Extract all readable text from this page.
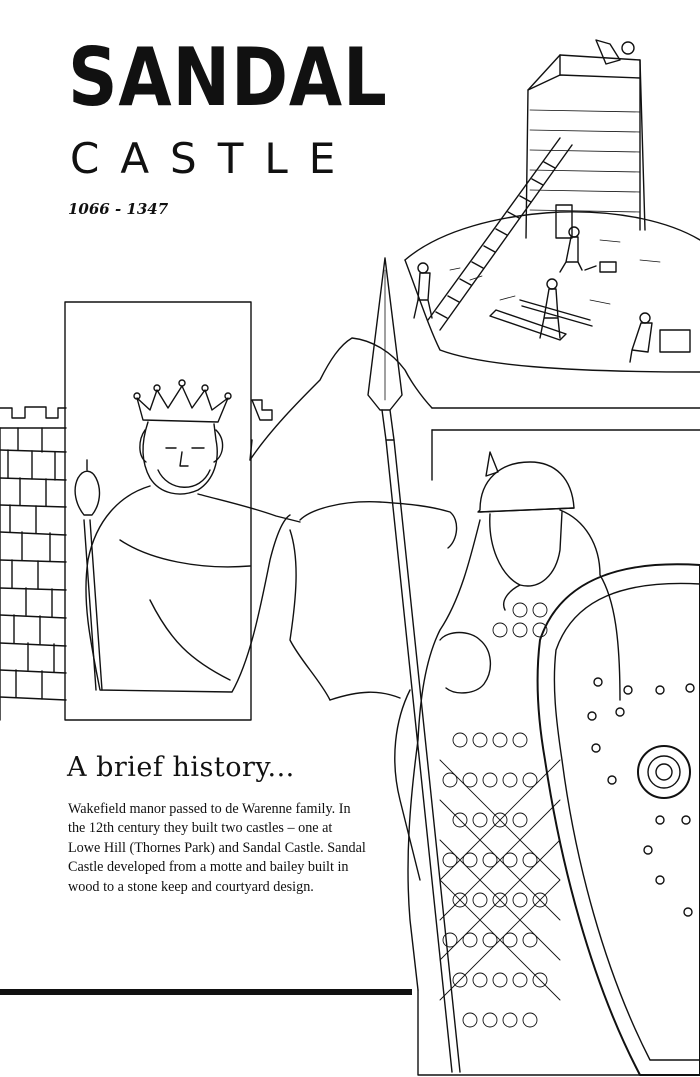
SANDAL
CASTLE
1066 - 1347
A brief history...
Wakefield manor passed to de Warenne family. In the 12th century they built two castles – one at Lowe Hill (Thornes Park) and Sandal Castle. Sandal Castle developed from a motte and bailey built in wood to a stone keep and courtyard design.
